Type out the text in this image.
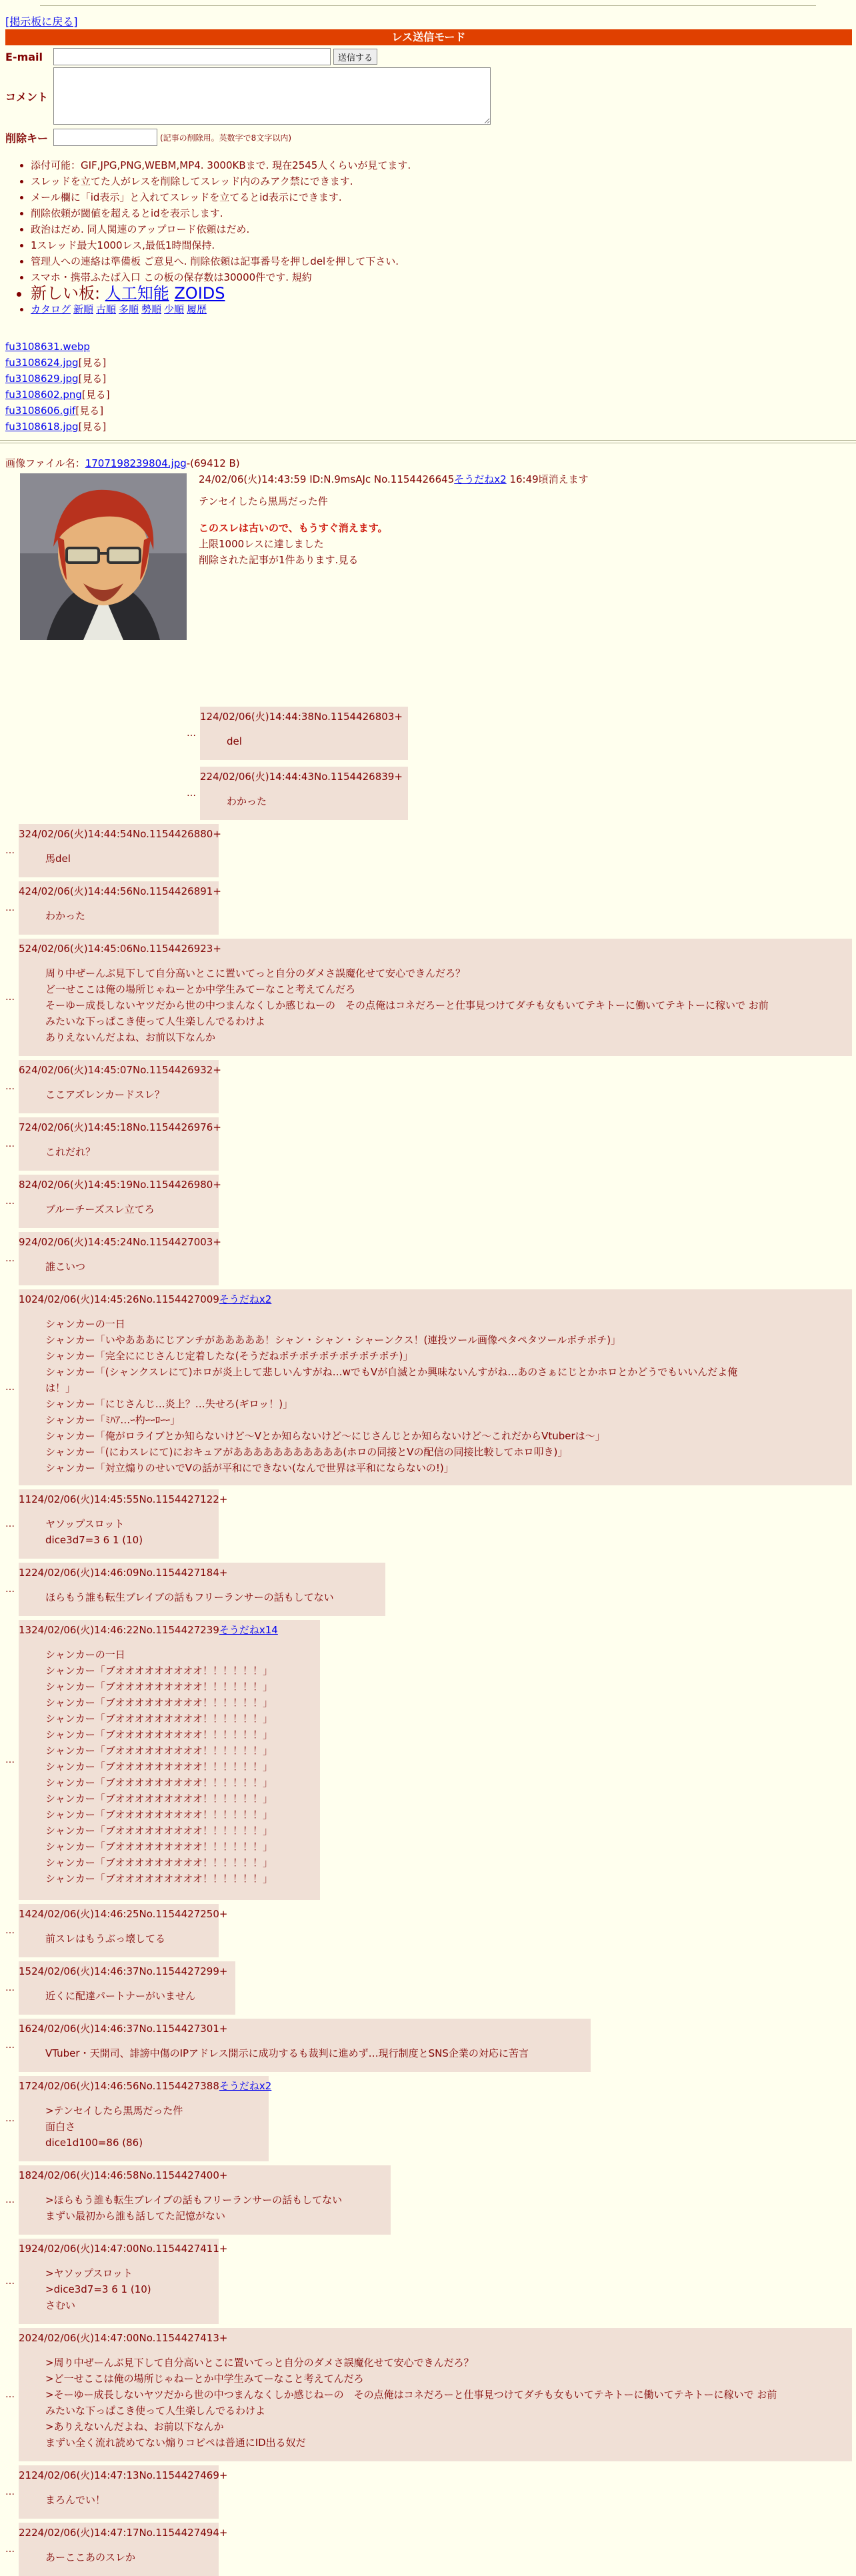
[掲示板に戻る]
レス送信モード
E-mail	送信する
コメント
削除キー	(記事の削除用。英数字で8文字以内)
• 添付可能：GIF,JPG,PNG,WEBM,MP4. 3000KBまで. 現在2545人くらいが見てます.
• スレッドを立てた人がレスを削除してスレッド内のみアク禁にできます.
• メール欄に「id表示」と入れてスレッドを立てるとid表示にできます.
• 削除依頼が閾値を超えるとidを表示します.
• 政治はだめ. 同人関連のアップロード依頼はだめ.
• 1スレッド最大1000レス,最低1時間保持.
• 管理人への連絡は準備板 ご意見へ. 削除依頼は記事番号を押しdelを押して下さい.
• スマホ・携帯ふたば入口 この板の保存数は30000件です. 規約
• 新しい板: 人工知能 ZOIDS
• カタログ 新順 古順 多順 勢順 少順 履歴
fu3108631.webp
fu3108624.jpg[見る]
fu3108629.jpg[見る]
fu3108602.png[見る]
fu3108606.gif[見る]
fu3108618.jpg[見る]
画像ファイル名：1707198239804.jpg-(69412 B)
24/02/06(火)14:43:59 ID:N.9msAJc No.1154426645そうだねx2 16:49頃消えます
テンセイしたら黒馬だった件
このスレは古いので、もうすぐ消えます。
上限1000レスに達しました
削除された記事が1件あります.見る
124/02/06(火)14:44:38No.1154426803+
del
…
224/02/06(火)14:44:43No.1154426839+
わかった
…
324/02/06(火)14:44:54No.1154426880+
馬del
…
424/02/06(火)14:44:56No.1154426891+
わかった
…
524/02/06(火)14:45:06No.1154426923+
周り中ぜーんぶ見下して自分高いとこに置いてっと自分のダメさ誤魔化せて安心できんだろ？
ど一せここは俺の場所じゃねーとか中学生みてーなこと考えてんだろ
そーゆー成長しないヤツだから世の中つまんなくしか感じねーの　その点俺はコネだろーと仕事見つけてダチも女もいてテキトーに働いてテキトーに稼いで お前
みたいな下っぱこき使って人生楽しんでるわけよ
ありえないんだよね、お前以下なんか
…
624/02/06(火)14:45:07No.1154426932+
ここアズレンカードスレ？
…
724/02/06(火)14:45:18No.1154426976+
これだれ？
…
824/02/06(火)14:45:19No.1154426980+
ブルーチーズスレ立てろ
…
924/02/06(火)14:45:24No.1154427003+
誰こいつ
…
1024/02/06(火)14:45:26No.1154427009そうだねx2
シャンカーの一日
シャンカー「いやあああにじアンチがあああああ！シャン・シャン・シャーンクス！(連投ツール画像ペタペタツールポチポチ)」
シャンカー「完全ににじさんじ定着したな(そうだねポチポチポチポチポチポチ)」
シャンカー「(シャンクスレにて)ホロが炎上して悲しいんすがね…wでもVが自滅とか興味ないんすがね…あのさぁにじとかホロとかどうでもいいんだよ俺
は！」
シャンカー「にじさんじ…炎上？…失せろ(ギロッ！)」
シャンカー「ﾐﾊｱ…ｰ杓ｰｰﾛｰｰ」
シャンカー「俺がロライブとか知らないけど〜Vとか知らないけど〜にじさんじとか知らないけど〜これだからVtuberは〜」
シャンカー「(にわスレにて)におキュアがあああああああああああ(ホロの同接とVの配信の同接比較してホロ叩き)」
シャンカー「対立煽りのせいでVの話が平和にできない(なんで世界は平和にならないの!)」
…
1124/02/06(火)14:45:55No.1154427122+
ヤソップスロット
dice3d7=3 6 1 (10)
…
1224/02/06(火)14:46:09No.1154427184+
ほらもう誰も転生ブレイブの話もフリーランサーの話もしてない
…
1324/02/06(火)14:46:22No.1154427239そうだねx14
シャンカーの一日
シャンカー「ブオオオオオオオオオ！！！！！！」
シャンカー「ブオオオオオオオオオ！！！！！！」
シャンカー「ブオオオオオオオオオ！！！！！！」
シャンカー「ブオオオオオオオオオ！！！！！！」
シャンカー「ブオオオオオオオオオ！！！！！！」
シャンカー「ブオオオオオオオオオ！！！！！！」
シャンカー「ブオオオオオオオオオ！！！！！！」
シャンカー「ブオオオオオオオオオ！！！！！！」
シャンカー「ブオオオオオオオオオ！！！！！！」
シャンカー「ブオオオオオオオオオ！！！！！！」
シャンカー「ブオオオオオオオオオ！！！！！！」
シャンカー「ブオオオオオオオオオ！！！！！！」
シャンカー「ブオオオオオオオオオ！！！！！！」
シャンカー「ブオオオオオオオオオ！！！！！！」
…
1424/02/06(火)14:46:25No.1154427250+
前スレはもうぶっ壊してる
…
1524/02/06(火)14:46:37No.1154427299+
近くに配達パートナーがいません
…
1624/02/06(火)14:46:37No.1154427301+
VTuber・天開司、誹謗中傷のIPアドレス開示に成功するも裁判に進めず…現行制度とSNS企業の対応に苦言
…
1724/02/06(火)14:46:56No.1154427388そうだねx2
>テンセイしたら黒馬だった件
面白さ
dice1d100=86 (86)
…
1824/02/06(火)14:46:58No.1154427400+
>ほらもう誰も転生ブレイブの話もフリーランサーの話もしてない
まずい最初から誰も話してた記憶がない
…
1924/02/06(火)14:47:00No.1154427411+
>ヤソップスロット
>dice3d7=3 6 1 (10)
さむい
…
2024/02/06(火)14:47:00No.1154427413+
>周り中ぜーんぶ見下して自分高いとこに置いてっと自分のダメさ誤魔化せて安心できんだろ？
>ど一せここは俺の場所じゃねーとか中学生みてーなこと考えてんだろ
>そーゆー成長しないヤツだから世の中つまんなくしか感じねーの　その点俺はコネだろーと仕事見つけてダチも女もいてテキトーに働いてテキトーに稼いで お前
みたいな下っぱこき使って人生楽しんでるわけよ
>ありえないんだよね、お前以下なんか
まずい全く流れ読めてない煽りコピペは普通にID出る奴だ
…
2124/02/06(火)14:47:13No.1154427469+
まろんでい！
…
2224/02/06(火)14:47:17No.1154427494+
あーここあのスレか
…
